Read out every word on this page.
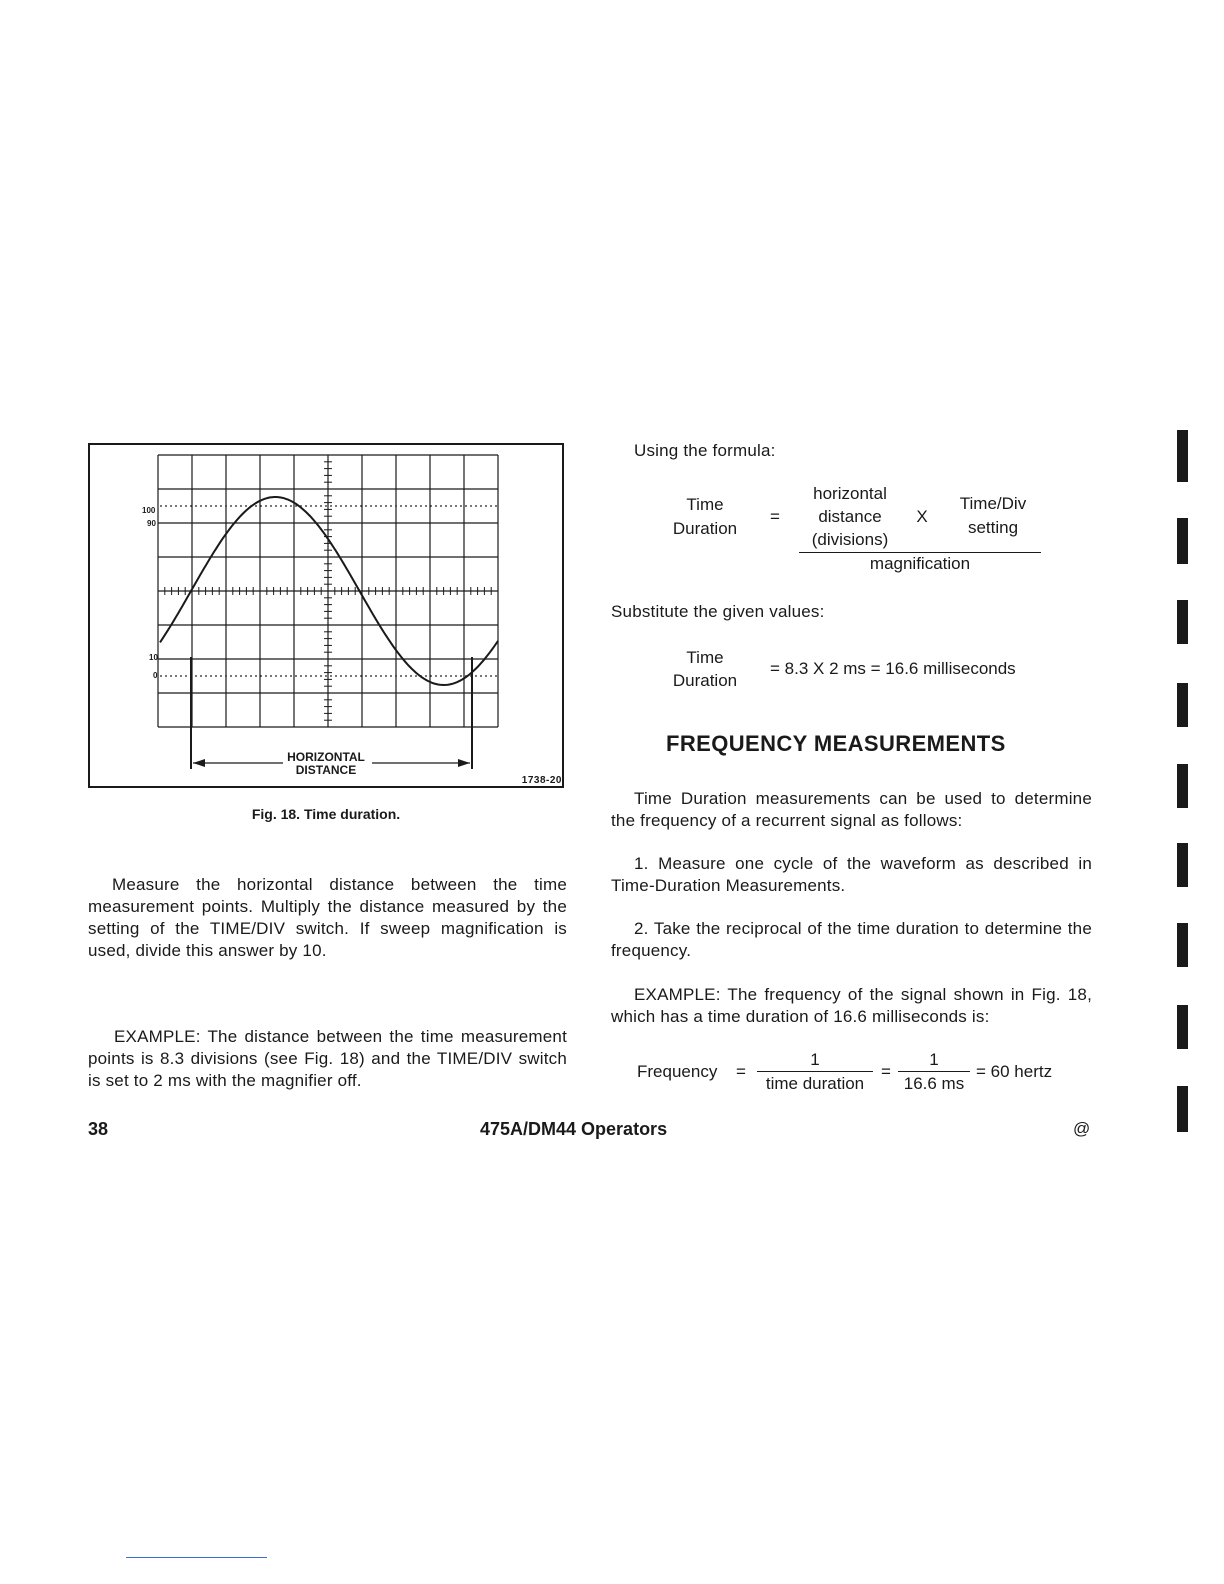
100
90
10
0
HORIZONTAL
DISTANCE
1738-20
Fig. 18. Time duration.

Measure the horizontal distance between the time measurement points. Multiply the distance measured by the setting of the TIME/DIV switch. If sweep magnification is used, divide this answer by 10.

EXAMPLE: The distance between the time measurement points is 8.3 divisions (see Fig. 18) and the TIME/DIV switch is set to 2 ms with the magnifier off.

Using the formula:

Time
Duration
=
horizontal
distance
(divisions)
X
Time/Div
setting
magnification

Substitute the given values:

Time
Duration
= 8.3 X 2 ms = 16.6 milliseconds
FREQUENCY MEASUREMENTS

Time Duration measurements can be used to determine the frequency of a recurrent signal as follows:

1. Measure one cycle of the waveform as described in Time-Duration Measurements.

2. Take the reciprocal of the time duration to determine the frequency.

EXAMPLE: The frequency of the signal shown in Fig. 18, which has a time duration of 16.6 milliseconds is:

Frequency =
1
time duration
=
1
16.6 ms
= 60 hertz
38	475A/DM44 Operators	@
